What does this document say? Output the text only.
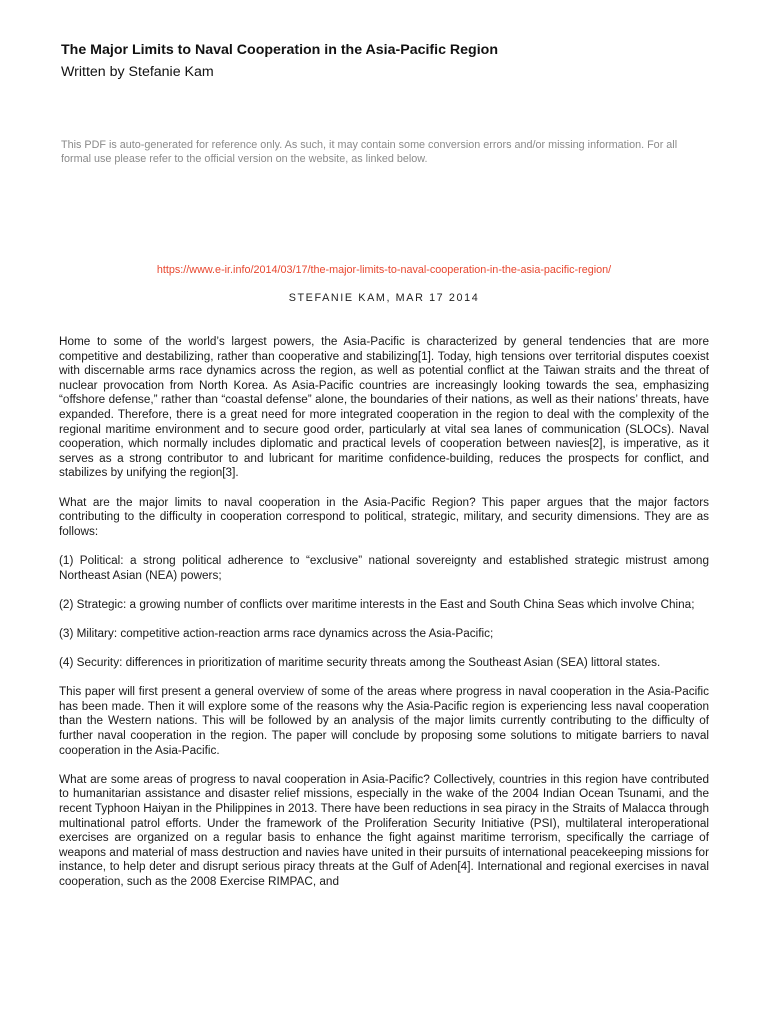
The Major Limits to Naval Cooperation in the Asia-Pacific Region
Written by Stefanie Kam
This PDF is auto-generated for reference only. As such, it may contain some conversion errors and/or missing information. For all formal use please refer to the official version on the website, as linked below.
https://www.e-ir.info/2014/03/17/the-major-limits-to-naval-cooperation-in-the-asia-pacific-region/
STEFANIE KAM, MAR 17 2014

Home to some of the world’s largest powers, the Asia-Pacific is characterized by general tendencies that are more competitive and destabilizing, rather than cooperative and stabilizing[1]. Today, high tensions over territorial disputes coexist with discernable arms race dynamics across the region, as well as potential conflict at the Taiwan straits and the threat of nuclear provocation from North Korea. As Asia-Pacific countries are increasingly looking towards the sea, emphasizing “offshore defense,” rather than “coastal defense” alone, the boundaries of their nations, as well as their nations’ threats, have expanded. Therefore, there is a great need for more integrated cooperation in the region to deal with the complexity of the regional maritime environment and to secure good order, particularly at vital sea lanes of communication (SLOCs). Naval cooperation, which normally includes diplomatic and practical levels of cooperation between navies[2], is imperative, as it serves as a strong contributor to and lubricant for maritime confidence-building, reduces the prospects for conflict, and stabilizes by unifying the region[3].

What are the major limits to naval cooperation in the Asia-Pacific Region? This paper argues that the major factors contributing to the difficulty in cooperation correspond to political, strategic, military, and security dimensions. They are as follows:

(1) Political: a strong political adherence to “exclusive” national sovereignty and established strategic mistrust among Northeast Asian (NEA) powers;

(2) Strategic: a growing number of conflicts over maritime interests in the East and South China Seas which involve China;

(3) Military: competitive action-reaction arms race dynamics across the Asia-Pacific;

(4) Security: differences in prioritization of maritime security threats among the Southeast Asian (SEA) littoral states.

This paper will first present a general overview of some of the areas where progress in naval cooperation in the Asia-Pacific has been made. Then it will explore some of the reasons why the Asia-Pacific region is experiencing less naval cooperation than the Western nations. This will be followed by an analysis of the major limits currently contributing to the difficulty of further naval cooperation in the region. The paper will conclude by proposing some solutions to mitigate barriers to naval cooperation in the Asia-Pacific.

What are some areas of progress to naval cooperation in Asia-Pacific? Collectively, countries in this region have contributed to humanitarian assistance and disaster relief missions, especially in the wake of the 2004 Indian Ocean Tsunami, and the recent Typhoon Haiyan in the Philippines in 2013. There have been reductions in sea piracy in the Straits of Malacca through multinational patrol efforts. Under the framework of the Proliferation Security Initiative (PSI), multilateral interoperational exercises are organized on a regular basis to enhance the fight against maritime terrorism, specifically the carriage of weapons and material of mass destruction and navies have united in their pursuits of international peacekeeping missions for instance, to help deter and disrupt serious piracy threats at the Gulf of Aden[4]. International and regional exercises in naval cooperation, such as the 2008 Exercise RIMPAC, and
